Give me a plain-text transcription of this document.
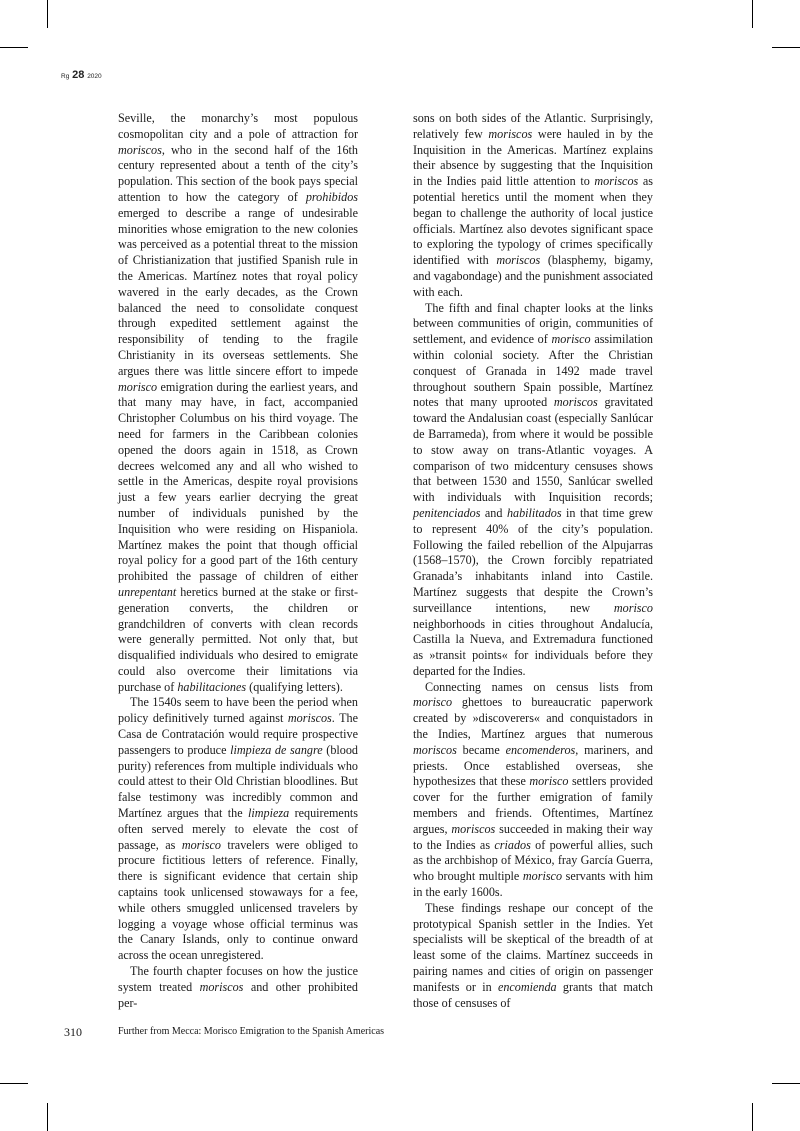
Rg 28 2020

Seville, the monarchy’s most populous cosmopolitan city and a pole of attraction for moriscos, who in the second half of the 16th century represented about a tenth of the city’s population. This section of the book pays special attention to how the category of prohibidos emerged to describe a range of undesirable minorities whose emigration to the new colonies was perceived as a potential threat to the mission of Christianization that justified Spanish rule in the Americas. Martínez notes that royal policy wavered in the early decades, as the Crown balanced the need to consolidate conquest through expedited settlement against the responsibility of tending to the fragile Christianity in its overseas settlements. She argues there was little sincere effort to impede morisco emigration during the earliest years, and that many may have, in fact, accompanied Christopher Columbus on his third voyage. The need for farmers in the Caribbean colonies opened the doors again in 1518, as Crown decrees welcomed any and all who wished to settle in the Americas, despite royal provisions just a few years earlier decrying the great number of individuals punished by the Inquisition who were residing on Hispaniola. Martínez makes the point that though official royal policy for a good part of the 16th century prohibited the passage of children of either unrepentant heretics burned at the stake or first-generation converts, the children or grandchildren of converts with clean records were generally permitted. Not only that, but disqualified individuals who desired to emigrate could also overcome their limitations via purchase of habilitaciones (qualifying letters).

The 1540s seem to have been the period when policy definitively turned against moriscos. The Casa de Contratación would require prospective passengers to produce limpieza de sangre (blood purity) references from multiple individuals who could attest to their Old Christian bloodlines. But false testimony was incredibly common and Martínez argues that the limpieza requirements often served merely to elevate the cost of passage, as morisco travelers were obliged to procure fictitious letters of reference. Finally, there is significant evidence that certain ship captains took unlicensed stowaways for a fee, while others smuggled unlicensed travelers by logging a voyage whose official terminus was the Canary Islands, only to continue onward across the ocean unregistered.

The fourth chapter focuses on how the justice system treated moriscos and other prohibited per-

sons on both sides of the Atlantic. Surprisingly, relatively few moriscos were hauled in by the Inquisition in the Americas. Martínez explains their absence by suggesting that the Inquisition in the Indies paid little attention to moriscos as potential heretics until the moment when they began to challenge the authority of local justice officials. Martínez also devotes significant space to exploring the typology of crimes specifically identified with moriscos (blasphemy, bigamy, and vagabondage) and the punishment associated with each.

The fifth and final chapter looks at the links between communities of origin, communities of settlement, and evidence of morisco assimilation within colonial society. After the Christian conquest of Granada in 1492 made travel throughout southern Spain possible, Martínez notes that many uprooted moriscos gravitated toward the Andalusian coast (especially Sanlúcar de Barrameda), from where it would be possible to stow away on trans-Atlantic voyages. A comparison of two midcentury censuses shows that between 1530 and 1550, Sanlúcar swelled with individuals with Inquisition records; penitenciados and habilitados in that time grew to represent 40% of the city’s population. Following the failed rebellion of the Alpujarras (1568–1570), the Crown forcibly repatriated Granada’s inhabitants inland into Castile. Martínez suggests that despite the Crown’s surveillance intentions, new morisco neighborhoods in cities throughout Andalucía, Castilla la Nueva, and Extremadura functioned as »transit points« for individuals before they departed for the Indies.

Connecting names on census lists from morisco ghettoes to bureaucratic paperwork created by »discoverers« and conquistadors in the Indies, Martínez argues that numerous moriscos became encomenderos, mariners, and priests. Once established overseas, she hypothesizes that these morisco settlers provided cover for the further emigration of family members and friends. Oftentimes, Martínez argues, moriscos succeeded in making their way to the Indies as criados of powerful allies, such as the archbishop of México, fray García Guerra, who brought multiple morisco servants with him in the early 1600s.

These findings reshape our concept of the prototypical Spanish settler in the Indies. Yet specialists will be skeptical of the breadth of at least some of the claims. Martínez succeeds in pairing names and cities of origin on passenger manifests or in encomienda grants that match those of censuses of

310	Further from Mecca: Morisco Emigration to the Spanish Americas
